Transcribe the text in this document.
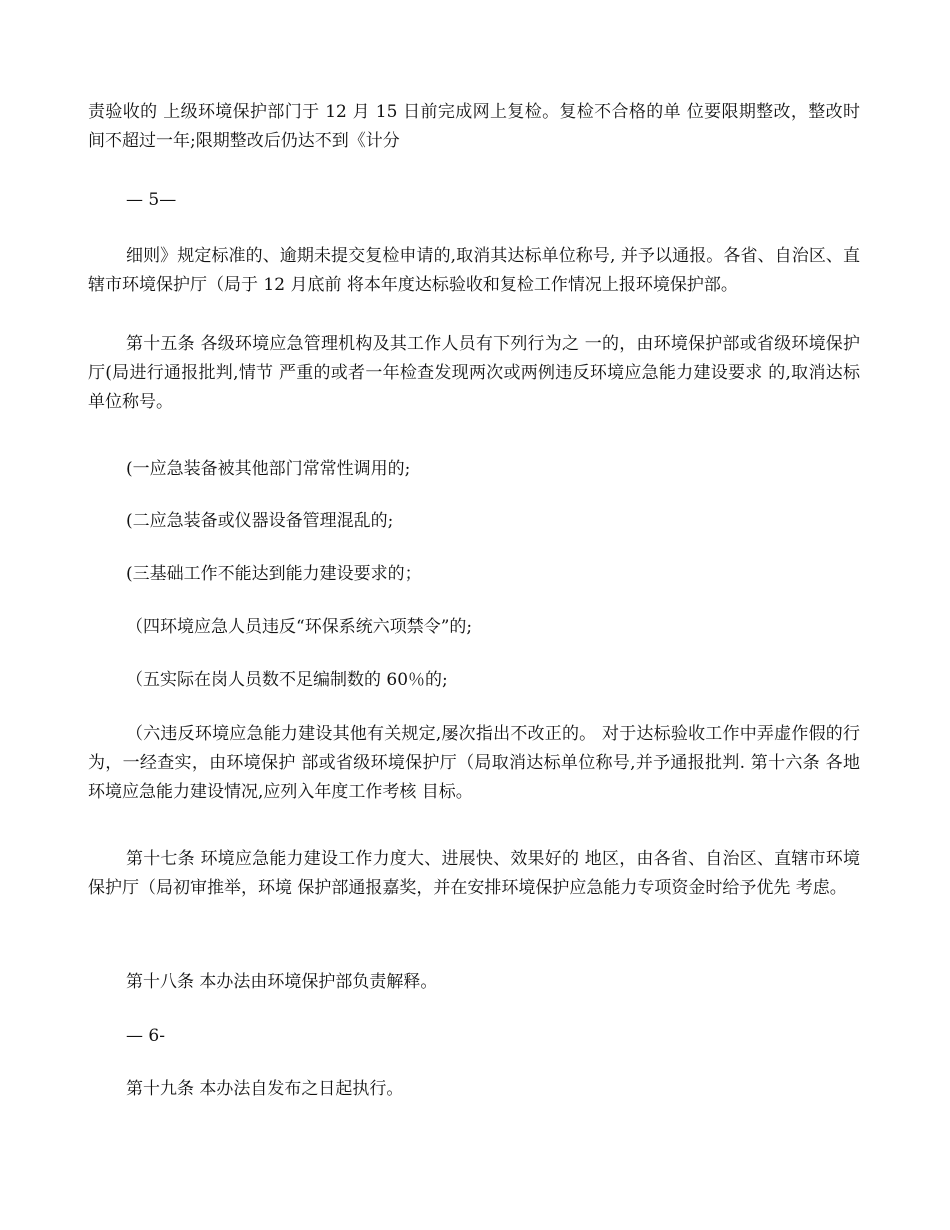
责验收的 上级环境保护部门于 12 月 15 日前完成网上复检。复检不合格的单 位要限期整改，整改时间不超过一年;限期整改后仍达不到《计分

— 5—

细则》规定标准的、逾期未提交复检申请的,取消其达标单位称号, 并予以通报。各省、自治区、直辖市环境保护厅（局于 12 月底前 将本年度达标验收和复检工作情况上报环境保护部。

第十五条 各级环境应急管理机构及其工作人员有下列行为之 一的，由环境保护部或省级环境保护厅(局进行通报批判,情节 严重的或者一年检查发现两次或两例违反环境应急能力建设要求 的,取消达标单位称号。

(一应急装备被其他部门常常性调用的;

(二应急装备或仪器设备管理混乱的;

(三基础工作不能达到能力建设要求的；

（四环境应急人员违反“环保系统六项禁令”的;

（五实际在岗人员数不足编制数的 60％的;

（六违反环境应急能力建设其他有关规定,屡次指出不改正的。 对于达标验收工作中弄虚作假的行为，一经查实，由环境保护 部或省级环境保护厅（局取消达标单位称号,并予通报批判. 第十六条 各地环境应急能力建设情况,应列入年度工作考核 目标。

第十七条 环境应急能力建设工作力度大、进展快、效果好的 地区，由各省、自治区、直辖市环境保护厅（局初审推举，环境 保护部通报嘉奖，并在安排环境保护应急能力专项资金时给予优先 考虑。

第十八条 本办法由环境保护部负责解释。

— 6-

第十九条 本办法自发布之日起执行。
